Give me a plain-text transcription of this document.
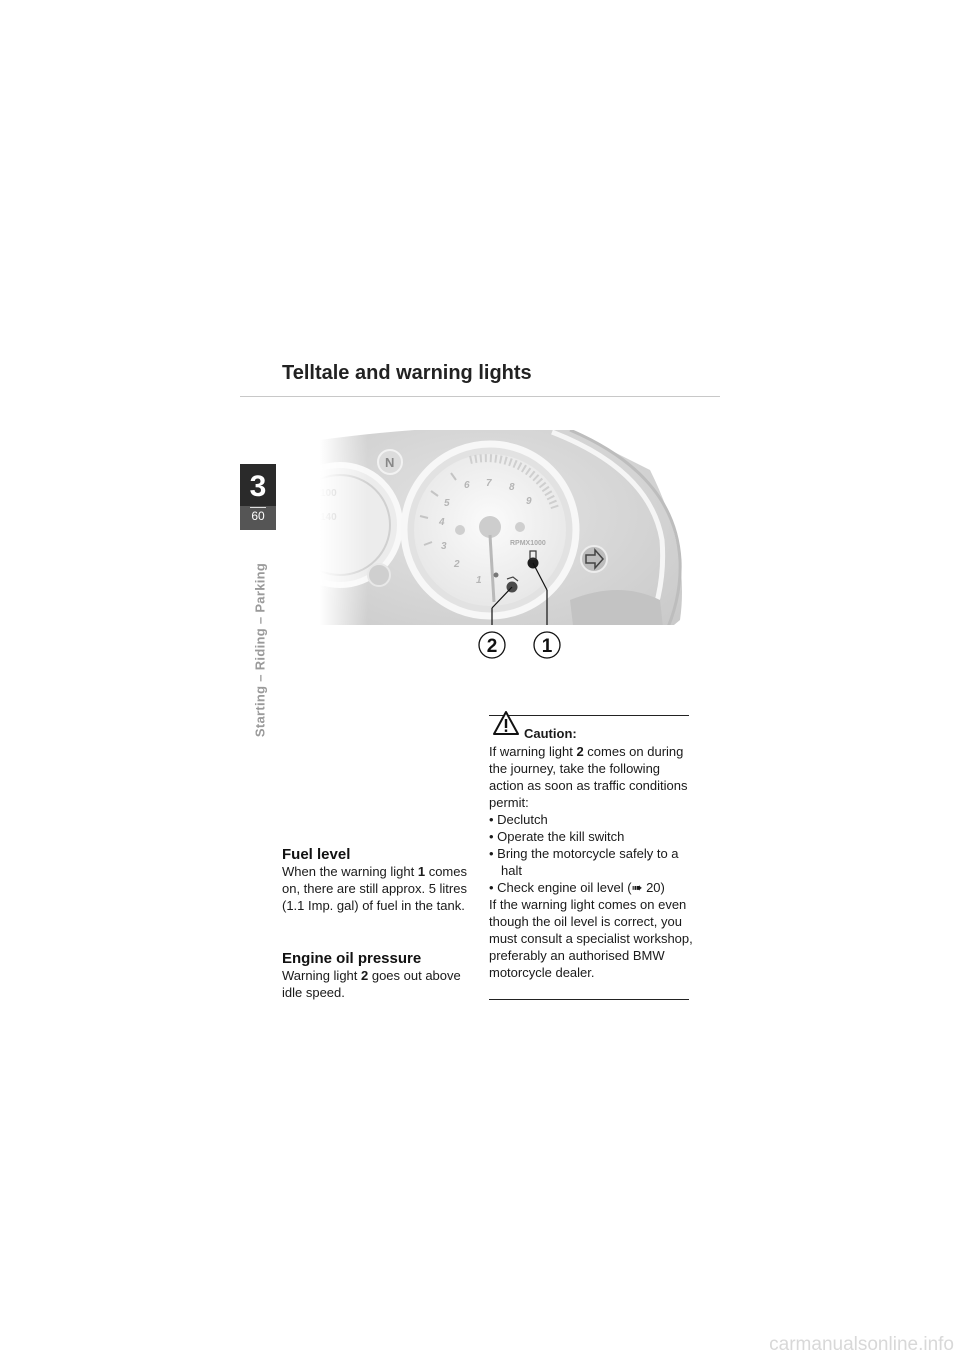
Telltale and warning lights
3
60
Starting – Riding – Parking	2 1
Fuel level
When the warning light 1 comes on, there are still approx. 5 litres (1.1 Imp. gal) of fuel in the tank.
Engine oil pressure
Warning light 2 goes out above idle speed.
Caution:

If warning light 2 comes on during the journey, take the following action as soon as traffic conditions permit:

• Declutch

• Operate the kill switch

• Bring the motorcycle safely to a halt

• Check engine oil level (➠ 20)

If the warning light comes on even though the oil level is correct, you must consult a specialist workshop, preferably an authorised BMW motorcycle dealer.

carmanualsonline.info
